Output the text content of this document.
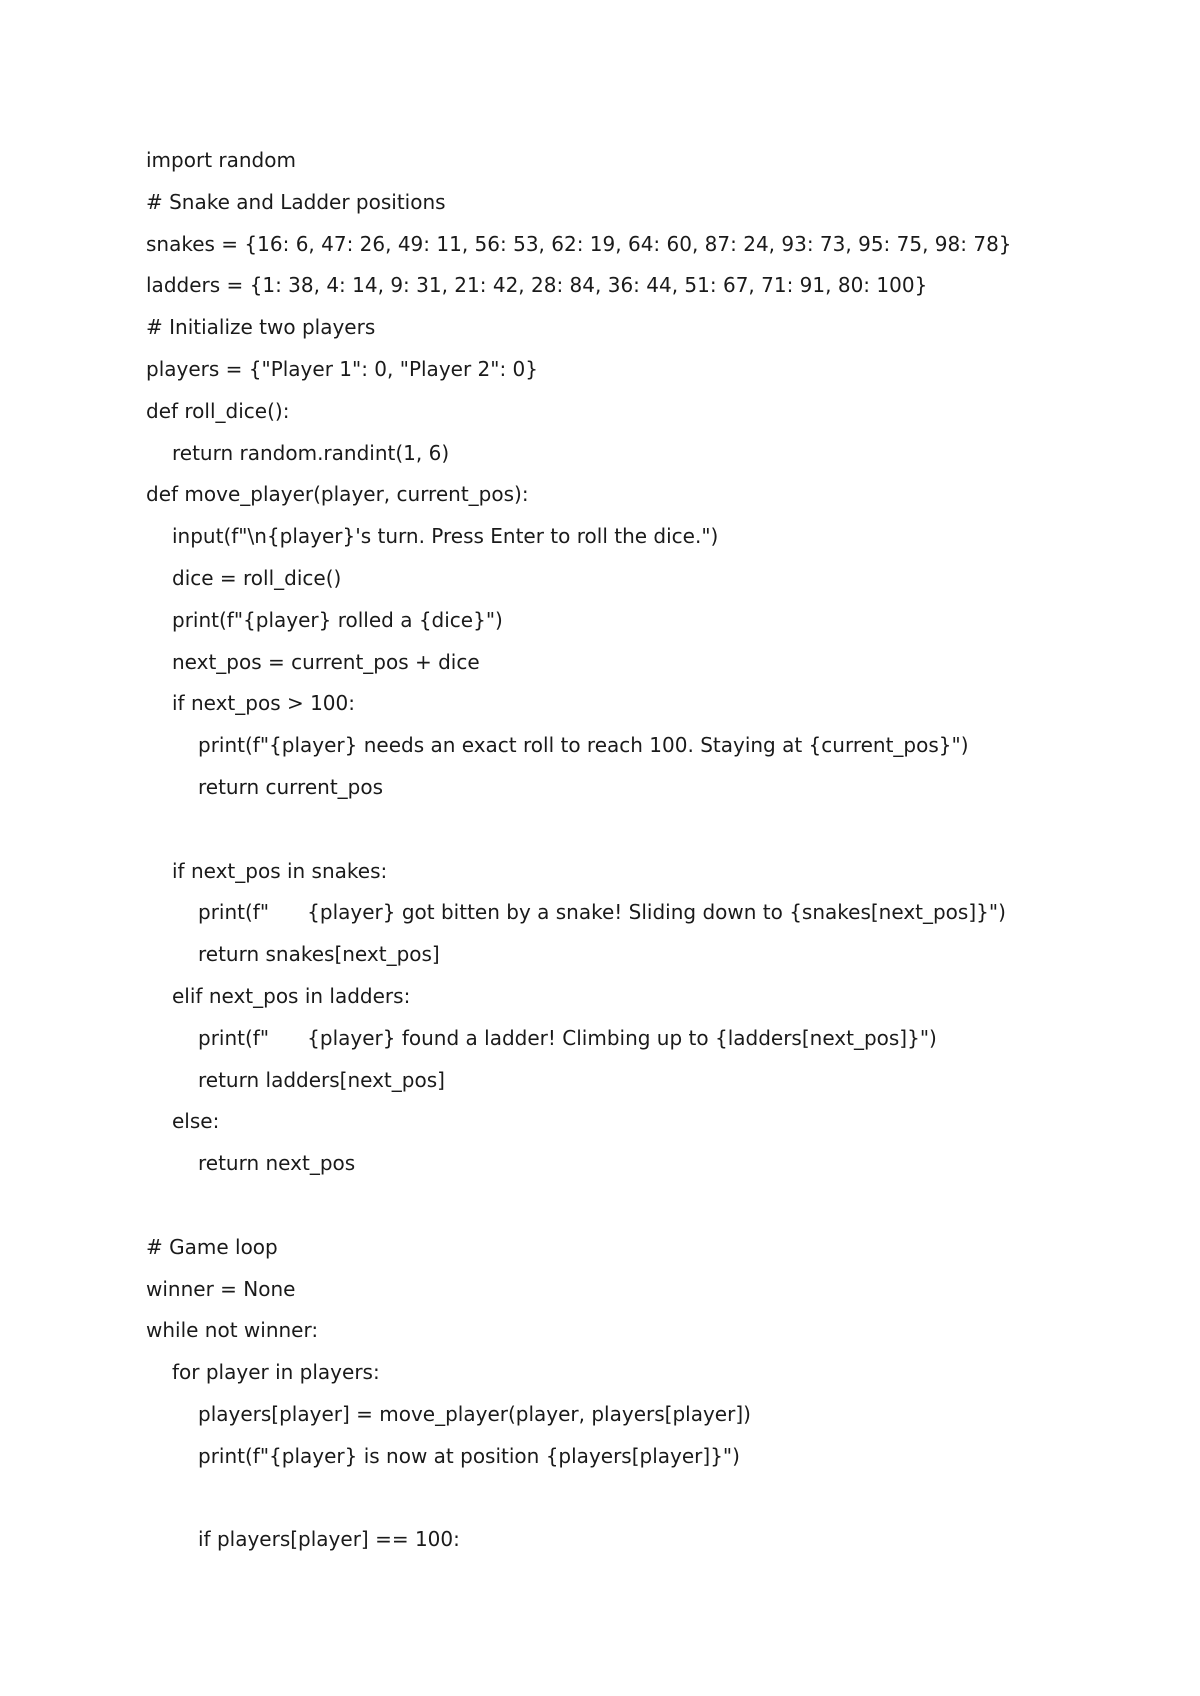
import random
# Snake and Ladder positions
snakes = {16: 6, 47: 26, 49: 11, 56: 53, 62: 19, 64: 60, 87: 24, 93: 73, 95: 75, 98: 78}
ladders = {1: 38, 4: 14, 9: 31, 21: 42, 28: 84, 36: 44, 51: 67, 71: 91, 80: 100}
# Initialize two players
players = {"Player 1": 0, "Player 2": 0}
def roll_dice():
return random.randint(1, 6)
def move_player(player, current_pos):
input(f"\n{player}'s turn. Press Enter to roll the dice.")
dice = roll_dice()
print(f"{player} rolled a {dice}")
next_pos = current_pos + dice
if next_pos > 100:
print(f"{player} needs an exact roll to reach 100. Staying at {current_pos}")
return current_pos
if next_pos in snakes:
print(f"      {player} got bitten by a snake! Sliding down to {snakes[next_pos]}")
return snakes[next_pos]
elif next_pos in ladders:
print(f"      {player} found a ladder! Climbing up to {ladders[next_pos]}")
return ladders[next_pos]
else:
return next_pos
# Game loop
winner = None
while not winner:
for player in players:
players[player] = move_player(player, players[player])
print(f"{player} is now at position {players[player]}")
if players[player] == 100:
